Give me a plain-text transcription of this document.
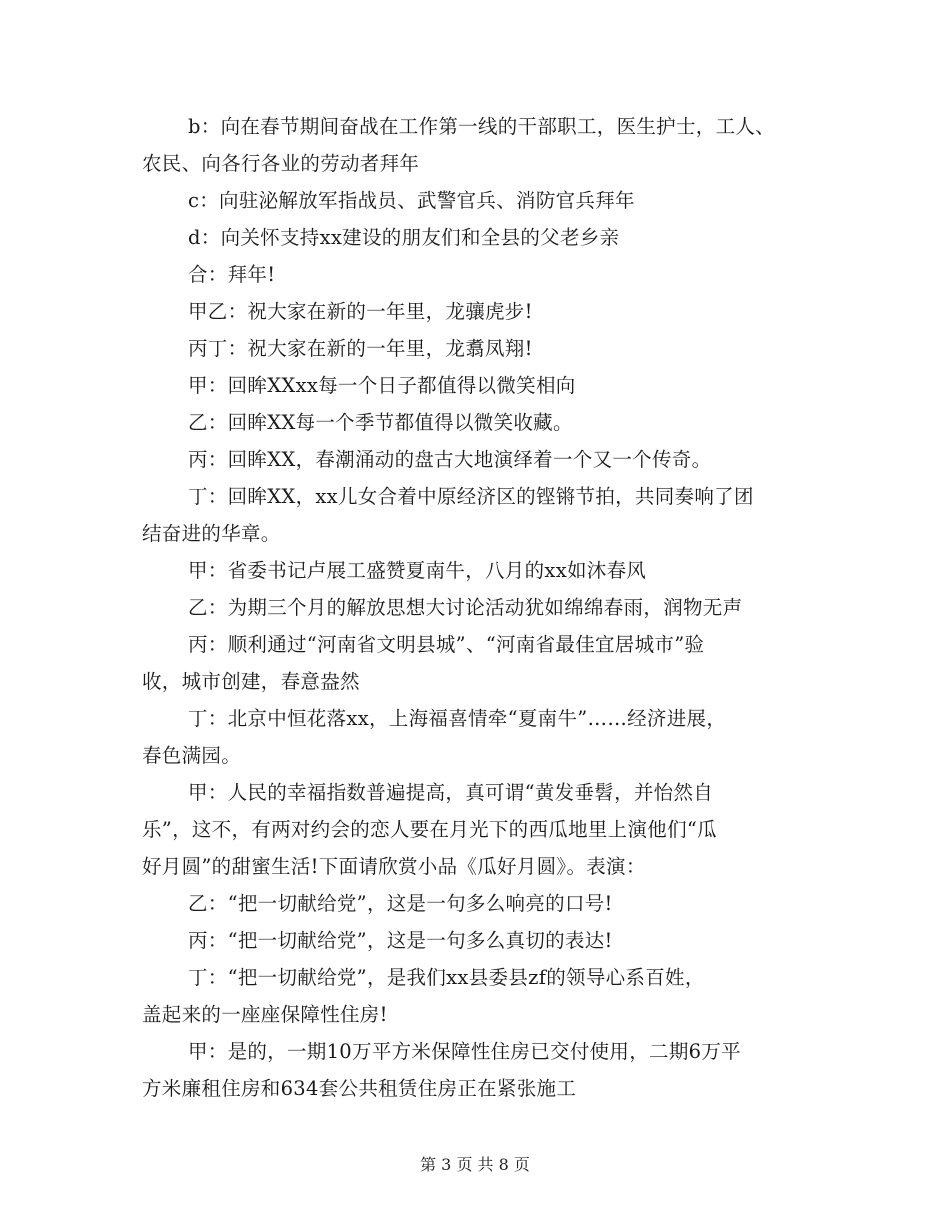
b：向在春节期间奋战在工作第一线的干部职工，医生护士，工人、
农民、向各行各业的劳动者拜年
c：向驻泌解放军指战员、武警官兵、消防官兵拜年
d：向关怀支持xx建设的朋友们和全县的父老乡亲
合：拜年!
甲乙：祝大家在新的一年里，龙骧虎步!
丙丁：祝大家在新的一年里，龙翥凤翔!
甲：回眸XXxx每一个日子都值得以微笑相向
乙：回眸XX每一个季节都值得以微笑收藏。
丙：回眸XX，春潮涌动的盘古大地演绎着一个又一个传奇。
丁：回眸XX，xx儿女合着中原经济区的铿锵节拍，共同奏响了团
结奋进的华章。
甲：省委书记卢展工盛赞夏南牛，八月的xx如沐春风
乙：为期三个月的解放思想大讨论活动犹如绵绵春雨，润物无声
丙：顺利通过“河南省文明县城”、“河南省最佳宜居城市”验
收，城市创建，春意盎然
丁：北京中恒花落xx，上海福喜情牵“夏南牛”……经济进展，
春色满园。
甲：人民的幸福指数普遍提高，真可谓“黄发垂髫，并怡然自
乐”，这不，有两对约会的恋人要在月光下的西瓜地里上演他们“瓜
好月圆”的甜蜜生活!下面请欣赏小品《瓜好月圆》。表演：
乙：“把一切献给党”，这是一句多么响亮的口号!
丙：“把一切献给党”，这是一句多么真切的表达!
丁：“把一切献给党”，是我们xx县委县zf的领导心系百姓，
盖起来的一座座保障性住房!
甲：是的，一期10万平方米保障性住房已交付使用，二期6万平
方米廉租住房和634套公共租赁住房正在紧张施工
第 3 页 共 8 页
